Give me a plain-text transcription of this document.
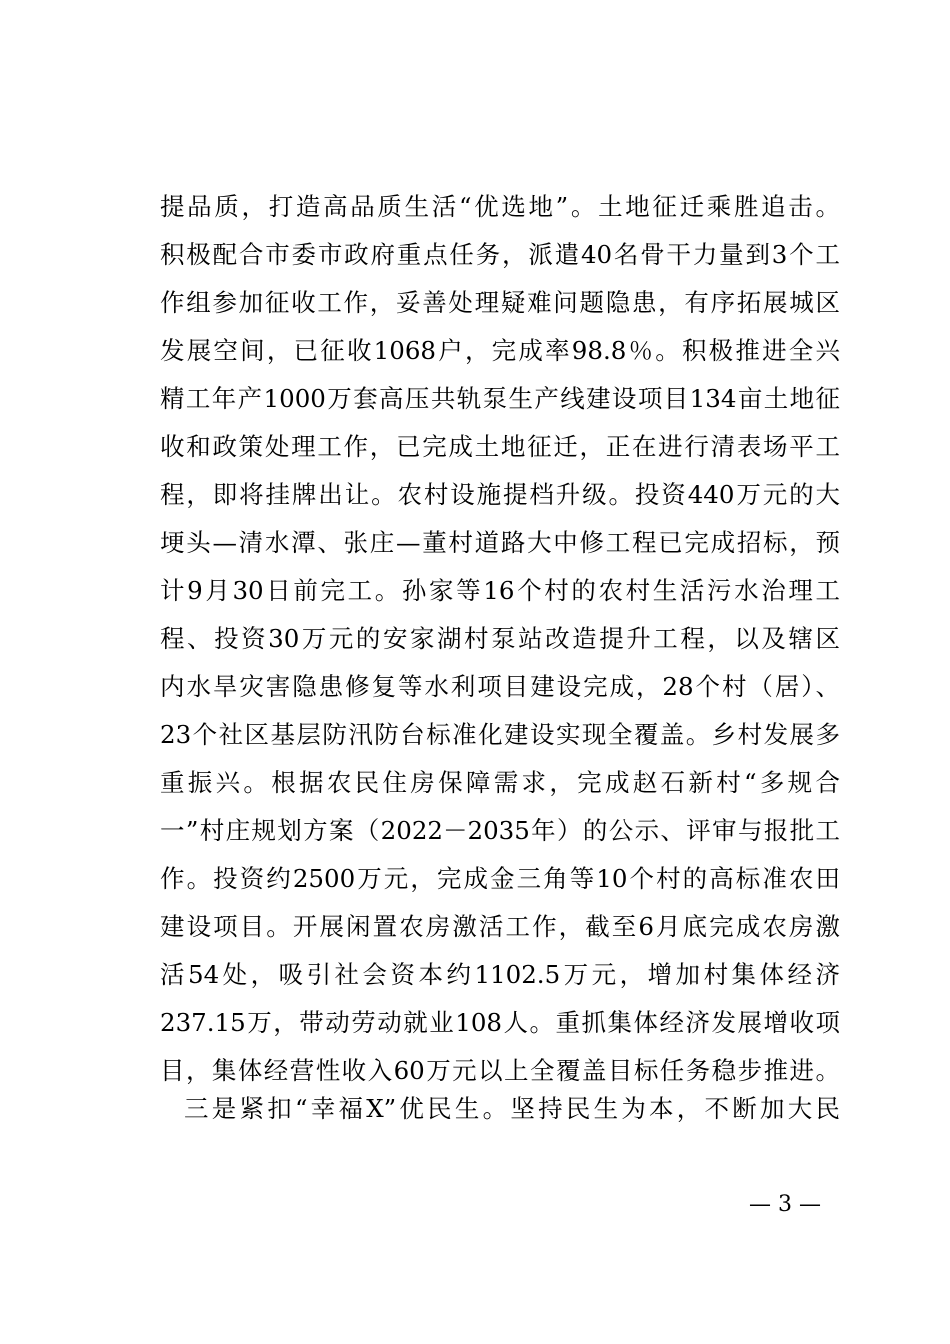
提品质，打造高品质生活“优选地”。土地征迁乘胜追击。
积极配合市委市政府重点任务，派遣40名骨干力量到3个工
作组参加征收工作，妥善处理疑难问题隐患，有序拓展城区
发展空间，已征收1068户，完成率98.8％。积极推进全兴
精工年产1000万套高压共轨泵生产线建设项目134亩土地征
收和政策处理工作，已完成土地征迁，正在进行清表场平工
程，即将挂牌出让。农村设施提档升级。投资440万元的大
埂头—清水潭、张庄—董村道路大中修工程已完成招标，预
计9月30日前完工。孙家等16个村的农村生活污水治理工
程、投资30万元的安家湖村泵站改造提升工程，以及辖区
内水旱灾害隐患修复等水利项目建设完成，28个村（居）、
23个社区基层防汛防台标准化建设实现全覆盖。乡村发展多
重振兴。根据农民住房保障需求，完成赵石新村“多规合
一”村庄规划方案（2022－2035年）的公示、评审与报批工
作。投资约2500万元，完成金三角等10个村的高标准农田
建设项目。开展闲置农房激活工作，截至6月底完成农房激
活54处，吸引社会资本约1102.5万元，增加村集体经济
237.15万，带动劳动就业108人。重抓集体经济发展增收项
目，集体经营性收入60万元以上全覆盖目标任务稳步推进。
三是紧扣“幸福X”优民生。坚持民生为本，不断加大民
— 3 —
